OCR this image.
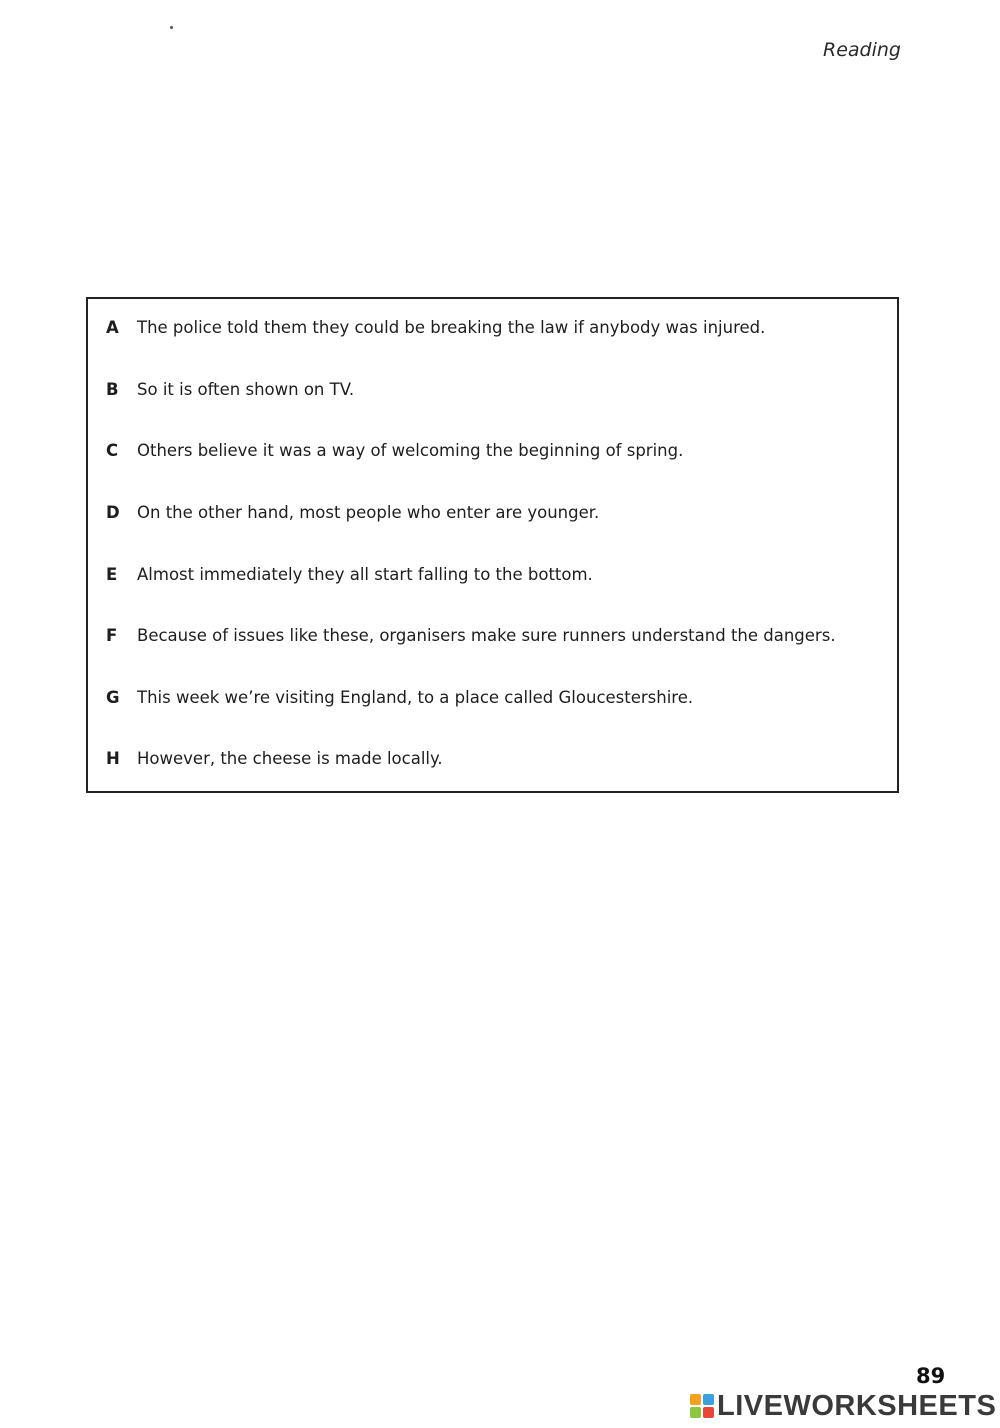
Reading
A	The police told them they could be breaking the law if anybody was injured.
B	So it is often shown on TV.
C	Others believe it was a way of welcoming the beginning of spring.
D	On the other hand, most people who enter are younger.
E	Almost immediately they all start falling to the bottom.
F	Because of issues like these, organisers make sure runners understand the dangers.
G	This week we’re visiting England, to a place called Gloucestershire.
H	However, the cheese is made locally.
89
LIVEWORKSHEETS
